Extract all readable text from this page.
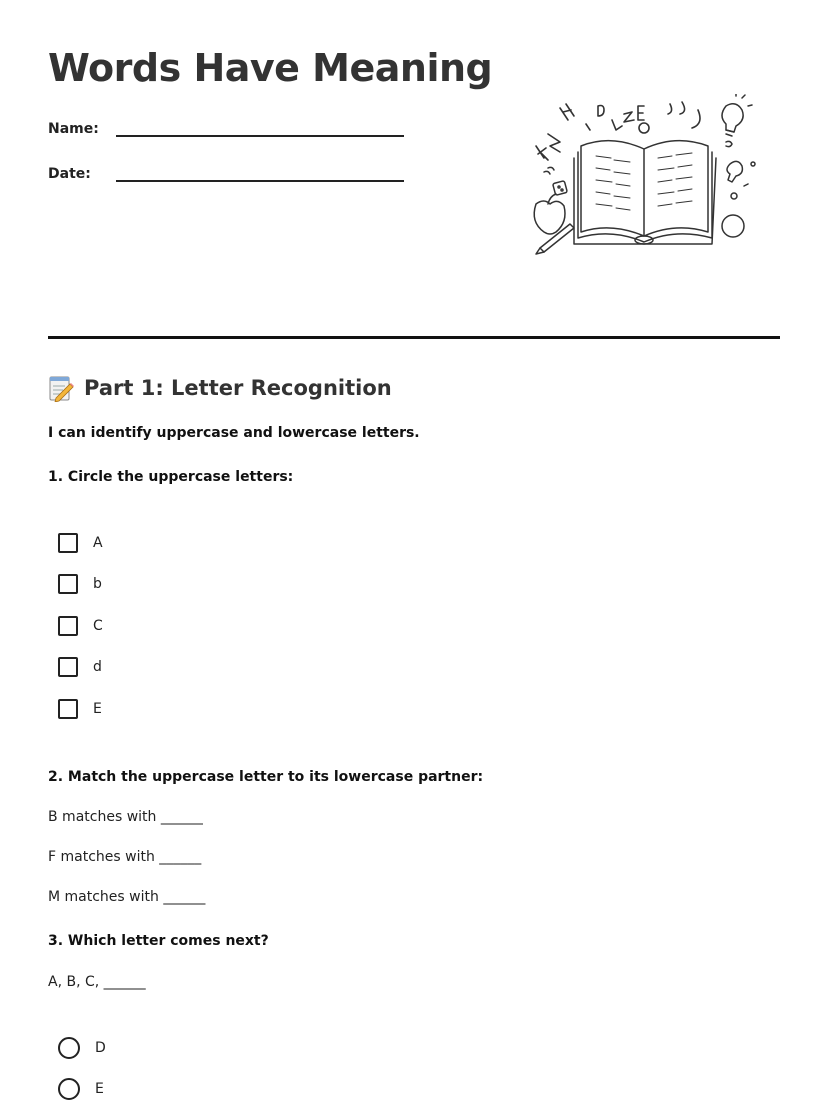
Words Have Meaning
Name:
Date:
Part 1: Letter Recognition
I can identify uppercase and lowercase letters.
1. Circle the uppercase letters:
A
b
C
d
E
2. Match the uppercase letter to its lowercase partner:
B matches with ______
F matches with ______
M matches with ______
3. Which letter comes next?
A, B, C, ______
D
E
